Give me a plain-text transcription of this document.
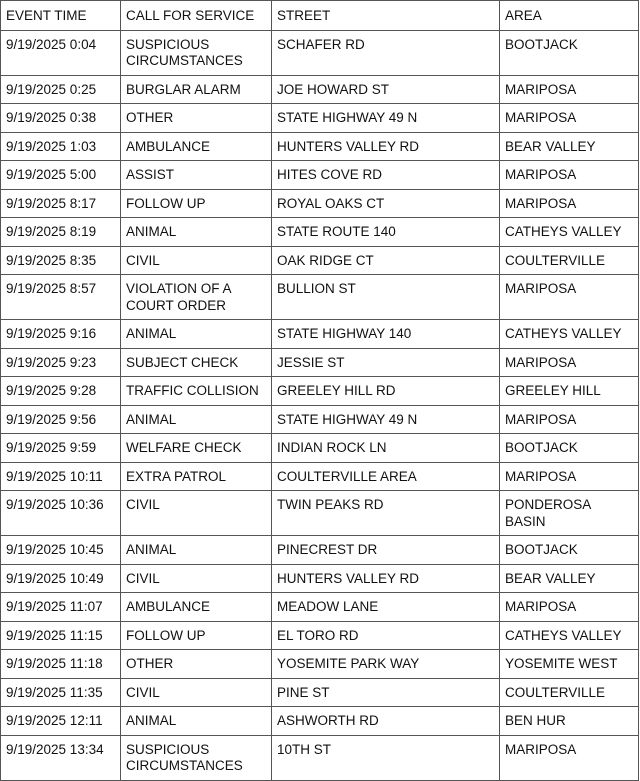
EVENT TIME	CALL FOR SERVICE	STREET	AREA
9/19/2025 0:04	SUSPICIOUS CIRCUMSTANCES	SCHAFER RD	BOOTJACK
9/19/2025 0:25	BURGLAR ALARM	JOE HOWARD ST	MARIPOSA
9/19/2025 0:38	OTHER	STATE HIGHWAY 49 N	MARIPOSA
9/19/2025 1:03	AMBULANCE	HUNTERS VALLEY RD	BEAR VALLEY
9/19/2025 5:00	ASSIST	HITES COVE RD	MARIPOSA
9/19/2025 8:17	FOLLOW UP	ROYAL OAKS CT	MARIPOSA
9/19/2025 8:19	ANIMAL	STATE ROUTE 140	CATHEYS VALLEY
9/19/2025 8:35	CIVIL	OAK RIDGE CT	COULTERVILLE
9/19/2025 8:57	VIOLATION OF A COURT ORDER	BULLION ST	MARIPOSA
9/19/2025 9:16	ANIMAL	STATE HIGHWAY 140	CATHEYS VALLEY
9/19/2025 9:23	SUBJECT CHECK	JESSIE ST	MARIPOSA
9/19/2025 9:28	TRAFFIC COLLISION	GREELEY HILL RD	GREELEY HILL
9/19/2025 9:56	ANIMAL	STATE HIGHWAY 49 N	MARIPOSA
9/19/2025 9:59	WELFARE CHECK	INDIAN ROCK LN	BOOTJACK
9/19/2025 10:11	EXTRA PATROL	COULTERVILLE AREA	MARIPOSA
9/19/2025 10:36	CIVIL	TWIN PEAKS RD	PONDEROSA BASIN
9/19/2025 10:45	ANIMAL	PINECREST DR	BOOTJACK
9/19/2025 10:49	CIVIL	HUNTERS VALLEY RD	BEAR VALLEY
9/19/2025 11:07	AMBULANCE	MEADOW LANE	MARIPOSA
9/19/2025 11:15	FOLLOW UP	EL TORO RD	CATHEYS VALLEY
9/19/2025 11:18	OTHER	YOSEMITE PARK WAY	YOSEMITE WEST
9/19/2025 11:35	CIVIL	PINE ST	COULTERVILLE
9/19/2025 12:11	ANIMAL	ASHWORTH RD	BEN HUR
9/19/2025 13:34	SUSPICIOUS CIRCUMSTANCES	10TH ST	MARIPOSA
